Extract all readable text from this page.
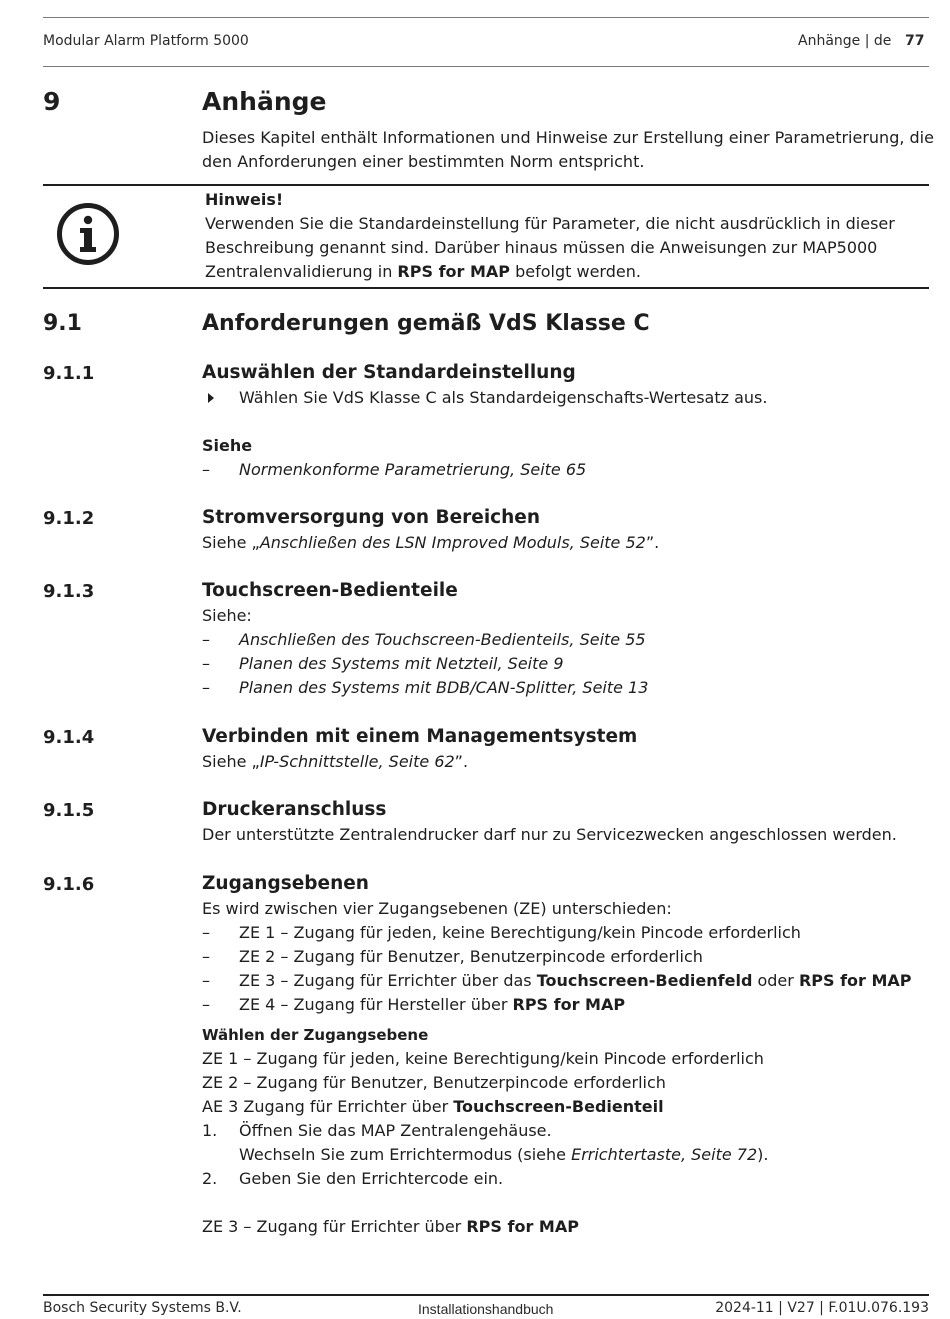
Modular Alarm Platform 5000	Anhänge | de 77
9	Anhänge
Dieses Kapitel enthält Informationen und Hinweise zur Erstellung einer Parametrierung, die
den Anforderungen einer bestimmten Norm entspricht.
Hinweis!
Verwenden Sie die Standardeinstellung für Parameter, die nicht ausdrücklich in dieser
Beschreibung genannt sind. Darüber hinaus müssen die Anweisungen zur MAP5000
Zentralenvalidierung in RPS for MAP befolgt werden.
9.1	Anforderungen gemäß VdS Klasse C
9.1.1	Auswählen der Standardeinstellung
Wählen Sie VdS Klasse C als Standardeigenschafts-Wertesatz aus.
Siehe
– Normenkonforme Parametrierung, Seite 65
9.1.2	Stromversorgung von Bereichen
Siehe „Anschließen des LSN Improved Moduls, Seite 52”.
9.1.3	Touchscreen-Bedienteile
Siehe:
– Anschließen des Touchscreen-Bedienteils, Seite 55
– Planen des Systems mit Netzteil, Seite 9
– Planen des Systems mit BDB/CAN-Splitter, Seite 13
9.1.4	Verbinden mit einem Managementsystem
Siehe „IP-Schnittstelle, Seite 62”.
9.1.5	Druckeranschluss
Der unterstützte Zentralendrucker darf nur zu Servicezwecken angeschlossen werden.
9.1.6	Zugangsebenen
Es wird zwischen vier Zugangsebenen (ZE) unterschieden:
– ZE 1 – Zugang für jeden, keine Berechtigung/kein Pincode erforderlich
– ZE 2 – Zugang für Benutzer, Benutzerpincode erforderlich
– ZE 3 – Zugang für Errichter über das Touchscreen-Bedienfeld oder RPS for MAP
– ZE 4 – Zugang für Hersteller über RPS for MAP
Wählen der Zugangsebene
ZE 1 – Zugang für jeden, keine Berechtigung/kein Pincode erforderlich
ZE 2 – Zugang für Benutzer, Benutzerpincode erforderlich
AE 3 Zugang für Errichter über Touchscreen-Bedienteil
1. Öffnen Sie das MAP Zentralengehäuse.
Wechseln Sie zum Errichtermodus (siehe Errichtertaste, Seite 72).
2. Geben Sie den Errichtercode ein.
ZE 3 – Zugang für Errichter über RPS for MAP
Bosch Security Systems B.V.	Installationshandbuch	2024-11 | V27 | F.01U.076.193
